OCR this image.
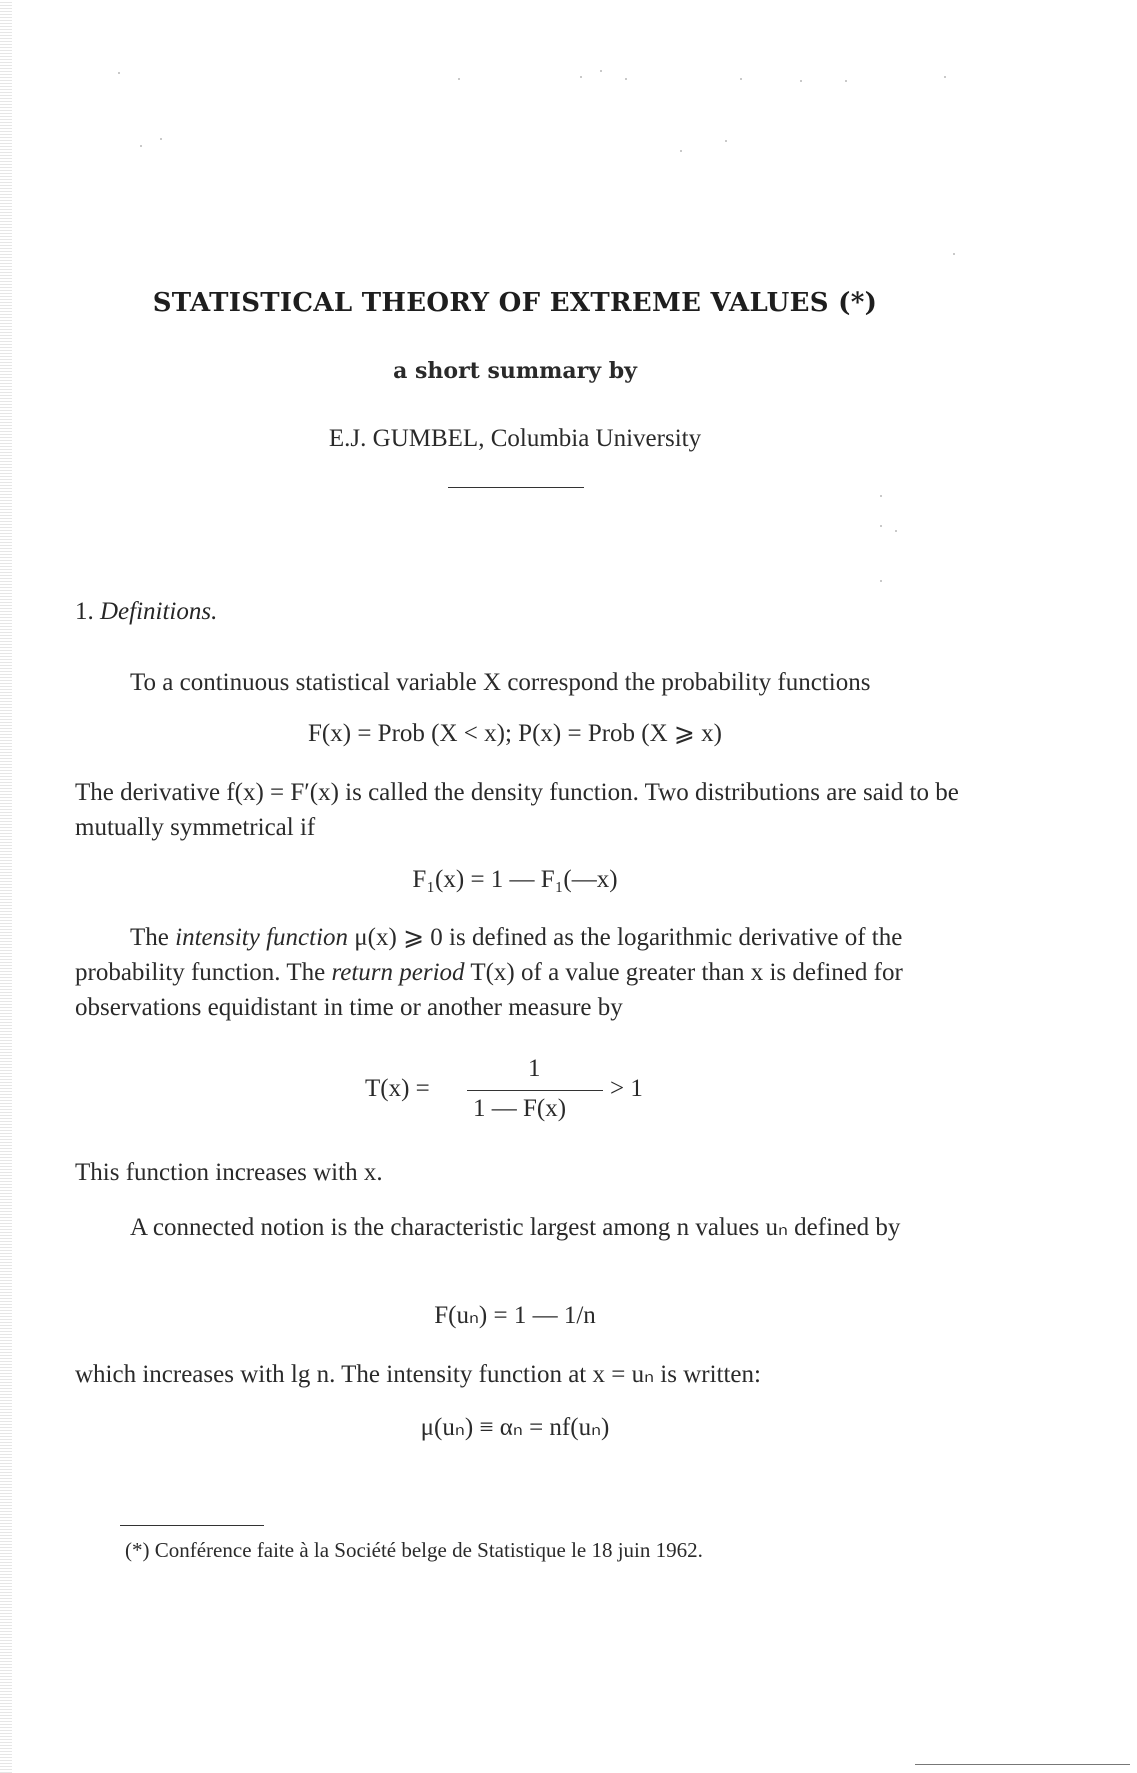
STATISTICAL THEORY OF EXTREME VALUES (*)
a short summary by
E.J. GUMBEL, Columbia University
1. Definitions.
To a continuous statistical variable X correspond the probability functions
F(x) = Prob (X < x); P(x) = Prob (X ⩾ x)
The derivative f(x) = F′(x) is called the density function. Two distributions are said to be mutually symmetrical if
F₁(x) = 1 — F₁(—x)
The intensity function μ(x) ⩾ 0 is defined as the logarithmic derivative of the probability function. The return period T(x) of a value greater than x is defined for observations equidistant in time or another measure by
T(x) =
1
1 — F(x)
> 1
This function increases with x.
A connected notion is the characteristic largest among n values uₙ defined by
F(uₙ) = 1 — 1/n
which increases with lg n. The intensity function at x = uₙ is written:
μ(uₙ) ≡ αₙ = nf(uₙ)
(*) Conférence faite à la Société belge de Statistique le 18 juin 1962.
